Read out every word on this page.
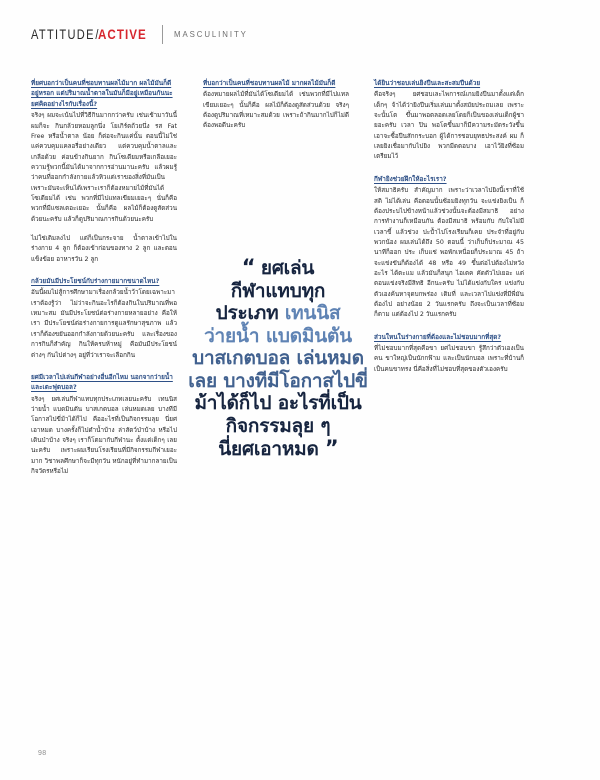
ATTITUDE / ACTIVE	MASCULINITY

ที่ยศบอกว่าเป็นคนที่ชอบทานผลไม้มาก ผลไม้มันก็ดีอยู่หรอก แต่ปริมาณน้ำตาลในมันก็มีอยู่เหมือนกันนะ ยศคิดอย่างไรกับเรื่องนี้?

จริงๆ ผมจะเน้นไปที่วิธีกินมากกว่าครับ เช่นเช้ามาวันนี้ผมก็จะ กินกล้วยหอมลูกนึ่ง โยเกิร์ตถ้วยนึ่ง รส Fat Free หรือน้ำตาล น้อย ก็ต่อจะกินแค่นั้น ตอนนี้ไม่ใช่แค่ควบคุมแคลอรี่อย่างเดียว แต่ควบคุมน้ำตาลและเกลือด้วย ค่อนข้างกินยาก กินโซเดียมหรือเกลือเยอะ ความรู้พวกนี้มันได้มาจากการอ่านมานะครับ แล้วผมรู้ว่าคนที่ออกกำลังกายแล้วหิวแต่เราของสิ่งที่มันเป็นเพราะมันจะเห็นได้เพราะเราก็ต้องหมายไม้ที่มันได้โซเดียมได้ เช่น พวกที่มีไปแทลเขียมเยอะๆ นั่นก็คือ พวกที่มีแซลเตอะเยอะ นั้นก็คือ ผลไม้ก็ต้องดูสัดส่วนด้วยนะครับ แล้วก็ดูปริมาณการกินด้วยนะครับ

ไม่ใช่เติมลงไป แต่ก็เป็นกระจาย น้ำตาลเข้าไปในร่างกาย 4 ลูก ก็ต้องเข้าก่อนของทาง 2 ลูก และตอนแข็งข้อย อาหารวัน 2 ลูก

กล้วยมันมีประโยชน์กับร่างกายมากขนาดไหน?

อันนี้ผมไม่สู้การศึกษามาเรื่องกล้วยน้ำว้าโดยเฉพาะมา เราต้องรู้ว่า ไม่ว่าจะกินอะไรก็ต้องกินในปริมาณที่พอเหมาะสม มันมีประโยชน์ต่อร่างกายหลายอย่าง คือให้เรา มีประโยชน์ต่อร่างกายการดูแลรักษาสุขภาพ แล้วเราก็ต้องขยันออกกำลังกายด้วยนะครับ และเรื่องของการกินก็สำคัญ กินให้ครบห้าหมู่ คือมันมีประโยชน์ต่างๆ กันไปต่างๆ อยู่ที่ว่าเราจะเลือกกิน

ยศมีเวลาไปเล่นกีฬาอย่างอื่นอีกไหม นอกจากว่ายน้ำและเตะฟุตบอล?

จริงๆ ยศเล่นกีฬาแทบทุกประเภทเลยนะครับ เทนนิส ว่ายน้ำ แบดมินตัน บาสเกตบอล เล่นหมดเลย บางทีมีโอกาสไปขี่ม้าได้ก็ไป คืออะไรที่เป็นกิจกรรมลุย นี่ยศเอาหมด บางครั้งก็ไปดำน้ำบ้าง ล่าสัตว์ป่าบ้าง หรือไปเดินป่าบ้าง จริงๆ เราก็โตมากับกีฬานะ ตั้งแต่เด็กๆ เลยนะครับ เพราะผมเรียนโรงเรียนที่มีกิจกรรมกีฬาเยอะมาก วิชาพลศึกษาก็จะมีทุกวัน หนักอยู่ที่ทำมากลายเป็นกิจวัตรหรือไม่

ที่บอกว่าเป็นคนที่ชอบทานผลไม้ มากผลไม้มันก็ดี

ต้องหมายผลไม้ที่มันได้โซเดียมได้ เช่นพวกที่มีไปแทลเขียมเยอะๆ นั้นก็คือ ผลไม้ก็ต้องดูสัดส่วนด้วย จริงๆ ต้องดูปริมาณที่เหมาะสมด้วย เพราะถ้ากินมากไปก็ไม่ดี ต้องพอดีนะครับ

ได้ยินว่าชอบเล่นยิงปืนเละสะสมปืนด้วย

คือจริงๆ ยศชอบเละไพการณ์เกมยิงปืนมาตั้งแต่เด็ก เด็กๆ จ้าได้ว่ายิงปืนเริ่มเล่นมาตั้งสมัยประถมเลย เพราะจะนั้นโต ขึ้นมาพอตลอดเลยโดยก็เป็นของเล่นเด็กผู้ชายอะครับ เวลา ปิน พอโตขึ้นมาก็มีความระมัดระวังขึ้น เอาจะซื้อปืนสักกระบอก ผู้ได้การชอบยุทธประสงค์ ผม ก็เลยยิงเชื่อมากับไปยิง พวกมีดตอบาง เอาไว้ยิงที่ซ้อมเตรียมไว้

กีฬายิงช่วยฝึกให้อะไรเรา?

ให้สมาธิครับ สำคัญมาก เพราะว่าเวลาไปยิงนี้เราที่ใช้สติ ไม่ได้เล่น คือตอนนั้นซ้อมยิงทุกวัน จะแข่งยิงเป็น ก็ต้องประบไปข้างหน้าแล้วช่วงนั้นจะต้องมีสมาธิ อย่างการทำงานก็เหมือนกัน ต้องมีสมาธิ พร้อมกับ กับใจไม่มีเวลาขี้ แล้วช่วง ปะป้ำไปโรงเรียนก็เคย ประจำที่อยู่กับพวกน้อง ผมเล่นได้ถึง 50 ตอนนี้ ว่าเก็บก็ประมาณ 45 นาทีก็ออก ประ เก็บแช่ พอพักเหนื่อยก็ประมาณ 45 ถ้าจะแข่งขันก็ต้องได้ 48 หรือ 49 ขึ้นต่อไปต้องไม่หวังอะไร ได้ตะแม แล้วมันก็สนุก ไอเตค คัดตัวไปเยอะ แต่ตอนแข่งจริงมีสิทธิ อีกนะครับ ไม่ได้แข่งกับใคร แข่งกับตัวเองค้นหาจุดบกพร่อง เติมที่ และเวลาไปแข่งที่มีพี่มันต้องไป อย่างน้อย 2 วันแรกครับ ถึงจะเป็นเวลาที่ซ้อมก็ตาม แต่ต้องไป 2 วันแรกครับ

ส่วนใหนในร่างกายที่ต้องและไม่ชอบมากที่สุด?

ที่ไม่ชอบมากที่สุดคือขา ยศไม่ชอบขา รู้สึกว่าตัวเองเป็นคน ขาใหญ่เป็นนักกฬ้าม และเป็นนักบอล เพราะที่บ้านก็เป็นคนขาทรง นี่คือสิ่งที่ไม่ชอบที่สุดของตัวเองครับ

“ ยศเล่น
กีฬาแทบทุก
ประเภท เทนนิส
ว่ายน้ำ แบดมินตัน
บาสเกตบอล เล่นหมด
เลย บางทีมีโอกาสไปขี่
ม้าได้ก็ไป อะไรที่เป็น
กิจกรรมลุย ๆ
นี่ยศเอาหมด ”
98
